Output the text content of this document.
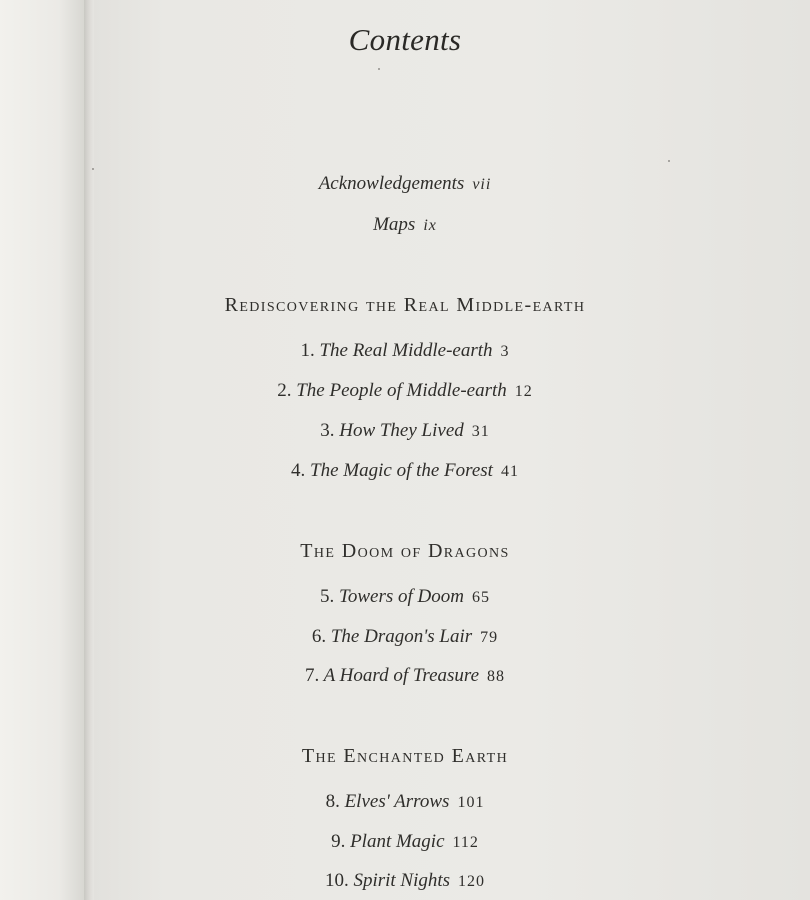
Contents
Acknowledgements vii
Maps ix
Rediscovering the Real Middle-earth
1. The Real Middle-earth 3
2. The People of Middle-earth 12
3. How They Lived 31
4. The Magic of the Forest 41
The Doom of Dragons
5. Towers of Doom 65
6. The Dragon's Lair 79
7. A Hoard of Treasure 88
The Enchanted Earth
8. Elves' Arrows 101
9. Plant Magic 112
10. Spirit Nights 120
